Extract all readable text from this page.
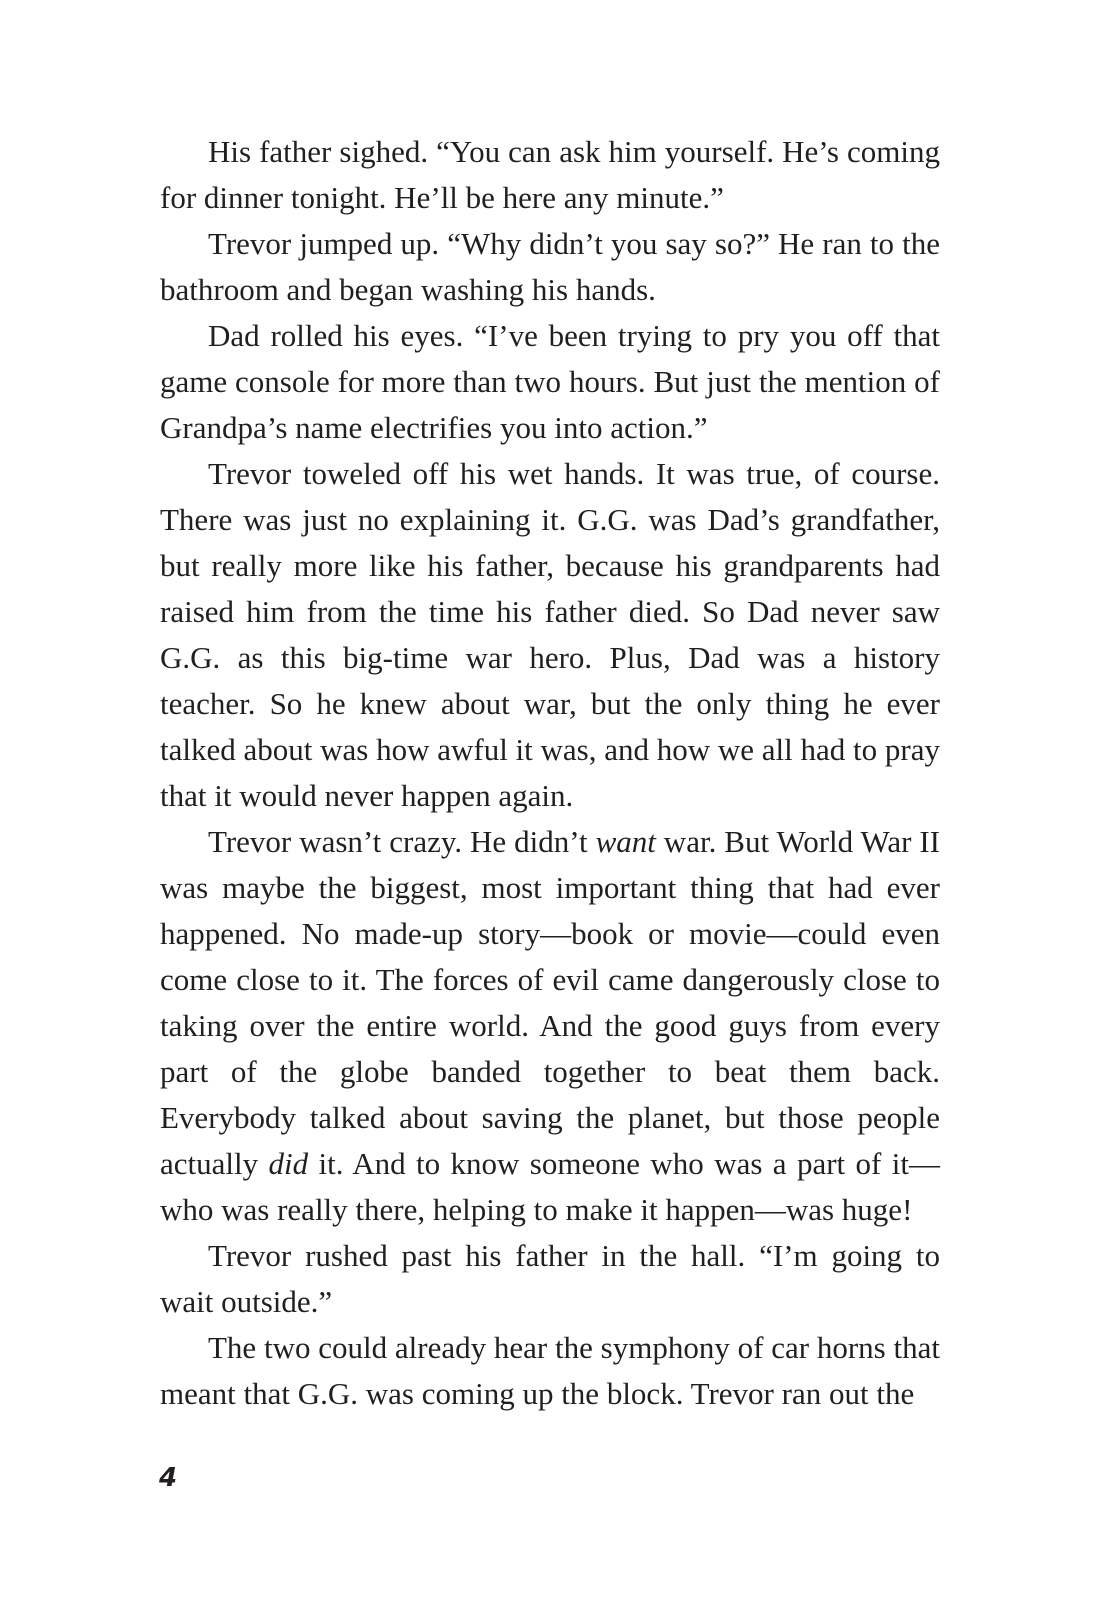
His father sighed. “You can ask him yourself. He’s coming for dinner tonight. He’ll be here any minute.”

Trevor jumped up. “Why didn’t you say so?” He ran to the bathroom and began washing his hands.

Dad rolled his eyes. “I’ve been trying to pry you off that game console for more than two hours. But just the mention of Grandpa’s name electrifies you into action.”

Trevor toweled off his wet hands. It was true, of course. There was just no explaining it. G.G. was Dad’s grandfather, but really more like his father, because his grandparents had raised him from the time his father died. So Dad never saw G.G. as this big-time war hero. Plus, Dad was a history teacher. So he knew about war, but the only thing he ever talked about was how awful it was, and how we all had to pray that it would never happen again.

Trevor wasn’t crazy. He didn’t want war. But World War II was maybe the biggest, most important thing that had ever happened. No made-up story—book or movie—could even come close to it. The forces of evil came dangerously close to taking over the entire world. And the good guys from every part of the globe banded together to beat them back. Everybody talked about saving the planet, but those people actually did it. And to know someone who was a part of it—who was really there, helping to make it happen—was huge!

Trevor rushed past his father in the hall. “I’m going to wait outside.”

The two could already hear the symphony of car horns that meant that G.G. was coming up the block. Trevor ran out the

4
